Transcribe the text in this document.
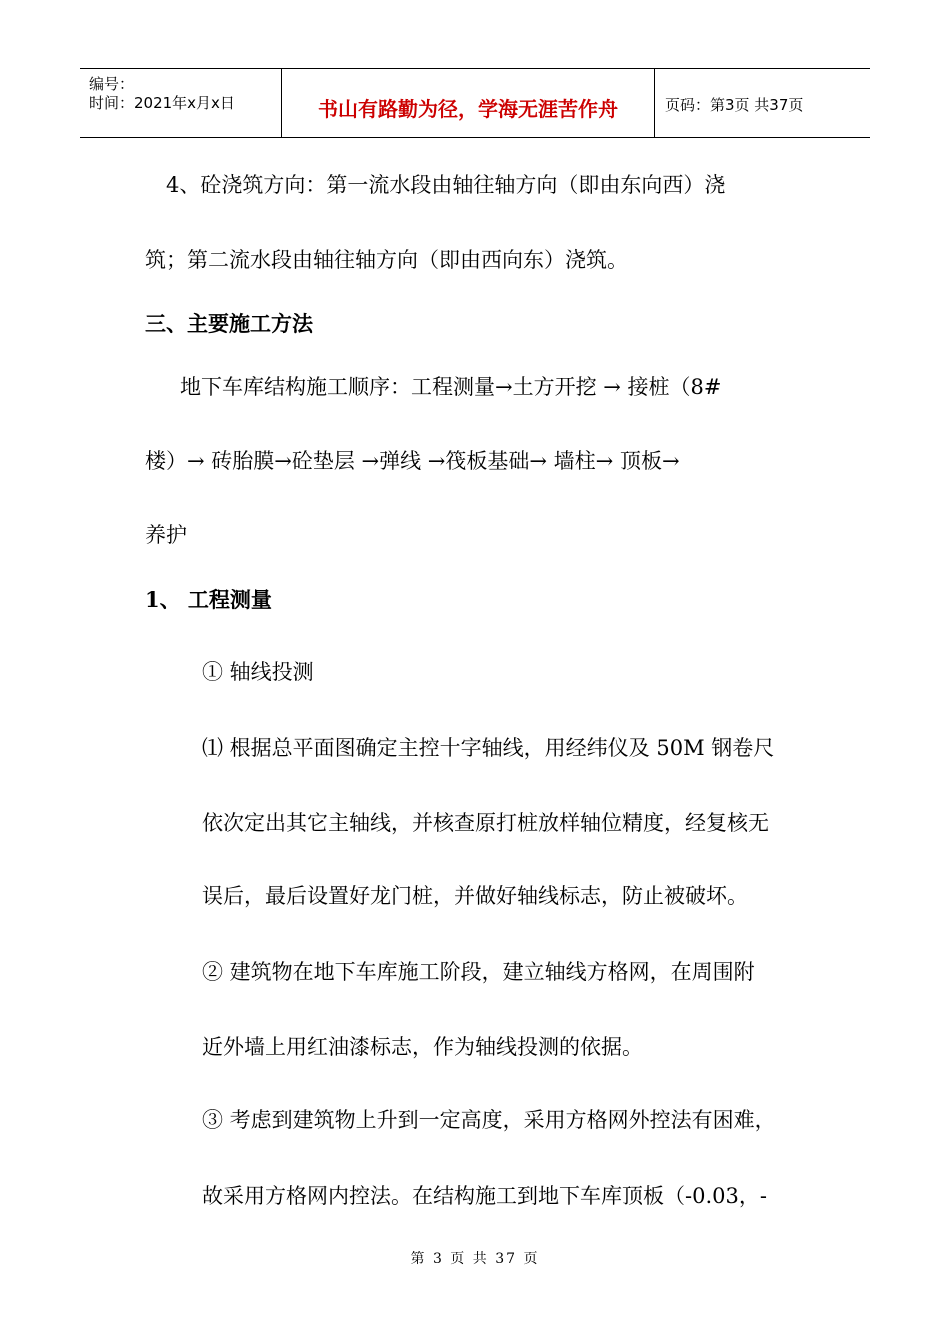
编号：
时间：2021年x月x日	书山有路勤为径，学海无涯苦作舟	页码：第3页 共37页
4、砼浇筑方向：第一流水段由轴往轴方向（即由东向西）浇
筑；第二流水段由轴往轴方向（即由西向东）浇筑。
三、主要施工方法
地下车库结构施工顺序：工程测量→土方开挖 → 接桩（8#
楼）→ 砖胎膜→砼垫层 →弹线 →筏板基础→ 墙柱→ 顶板→
养护
1、 工程测量
① 轴线投测
⑴ 根据总平面图确定主控十字轴线，用经纬仪及 50M 钢卷尺
依次定出其它主轴线，并核查原打桩放样轴位精度，经复核无
误后，最后设置好龙门桩，并做好轴线标志，防止被破坏。
② 建筑物在地下车库施工阶段，建立轴线方格网，在周围附
近外墙上用红油漆标志，作为轴线投测的依据。
③ 考虑到建筑物上升到一定高度，采用方格网外控法有困难，
故采用方格网内控法。在结构施工到地下车库顶板（-0.03，-
第 3 页 共 37 页
